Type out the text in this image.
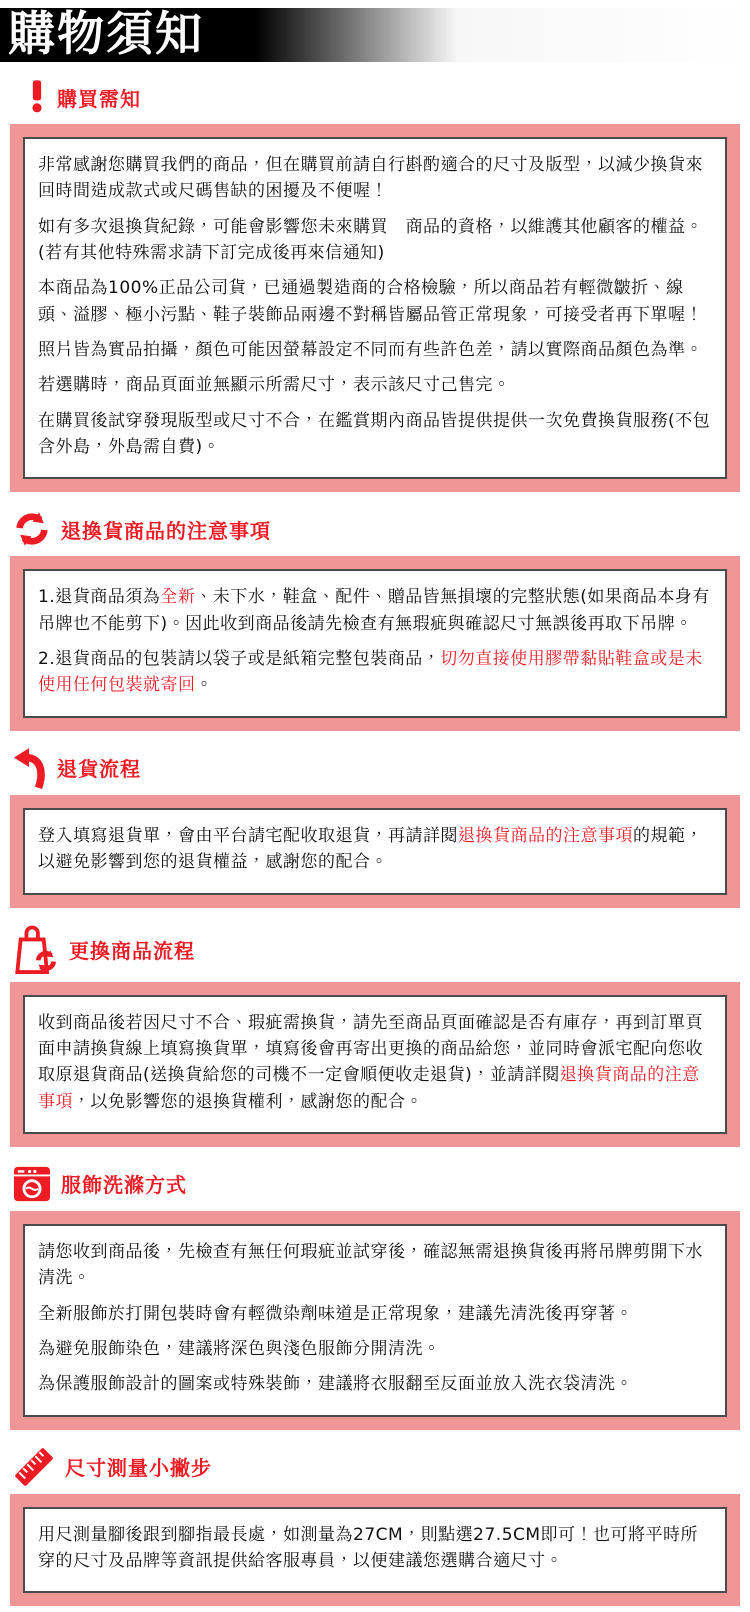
購物須知
購買需知

非常感謝您購買我們的商品，但在購買前請自行斟酌適合的尺寸及版型，以減少換貨來回時間造成款式或尺碼售缺的困擾及不便喔！

如有多次退換貨紀錄，可能會影響您未來購買　商品的資格，以維護其他顧客的權益。(若有其他特殊需求請下訂完成後再來信通知)

本商品為100%正品公司貨，已通過製造商的合格檢驗，所以商品若有輕微皺折、線頭、溢膠、極小污點、鞋子裝飾品兩邊不對稱皆屬品管正常現象，可接受者再下單喔！

照片皆為實品拍攝，顏色可能因螢幕設定不同而有些許色差，請以實際商品顏色為準。

若選購時，商品頁面並無顯示所需尺寸，表示該尺寸己售完。

在購買後試穿發現版型或尺寸不合，在鑑賞期內商品皆提供提供一次免費換貨服務(不包含外島，外島需自費)。

退換貨商品的注意事項

1.退貨商品須為全新、未下水，鞋盒、配件、贈品皆無損壞的完整狀態(如果商品本身有吊牌也不能剪下)。因此收到商品後請先檢查有無瑕疵與確認尺寸無誤後再取下吊牌。

2.退貨商品的包裝請以袋子或是紙箱完整包裝商品，切勿直接使用膠帶黏貼鞋盒或是未使用任何包裝就寄回。

退貨流程

登入填寫退貨單，會由平台請宅配收取退貨，再請詳閱退換貨商品的注意事項的規範，以避免影響到您的退貨權益，感謝您的配合。

更換商品流程

收到商品後若因尺寸不合、瑕疵需換貨，請先至商品頁面確認是否有庫存，再到訂單頁面申請換貨線上填寫換貨單，填寫後會再寄出更換的商品給您，並同時會派宅配向您收取原退貨商品(送換貨給您的司機不一定會順便收走退貨)，並請詳閱退換貨商品的注意事項，以免影響您的退換貨權利，感謝您的配合。

服飾洗滌方式

請您收到商品後，先檢查有無任何瑕疵並試穿後，確認無需退換貨後再將吊牌剪開下水清洗。

全新服飾於打開包裝時會有輕微染劑味道是正常現象，建議先清洗後再穿著。

為避免服飾染色，建議將深色與淺色服飾分開清洗。

為保護服飾設計的圖案或特殊裝飾，建議將衣服翻至反面並放入洗衣袋清洗。

尺寸測量小撇步

用尺測量腳後跟到腳指最長處，如測量為27CM，則點選27.5CM即可！也可將平時所穿的尺寸及品牌等資訊提供給客服專員，以便建議您選購合適尺寸。
